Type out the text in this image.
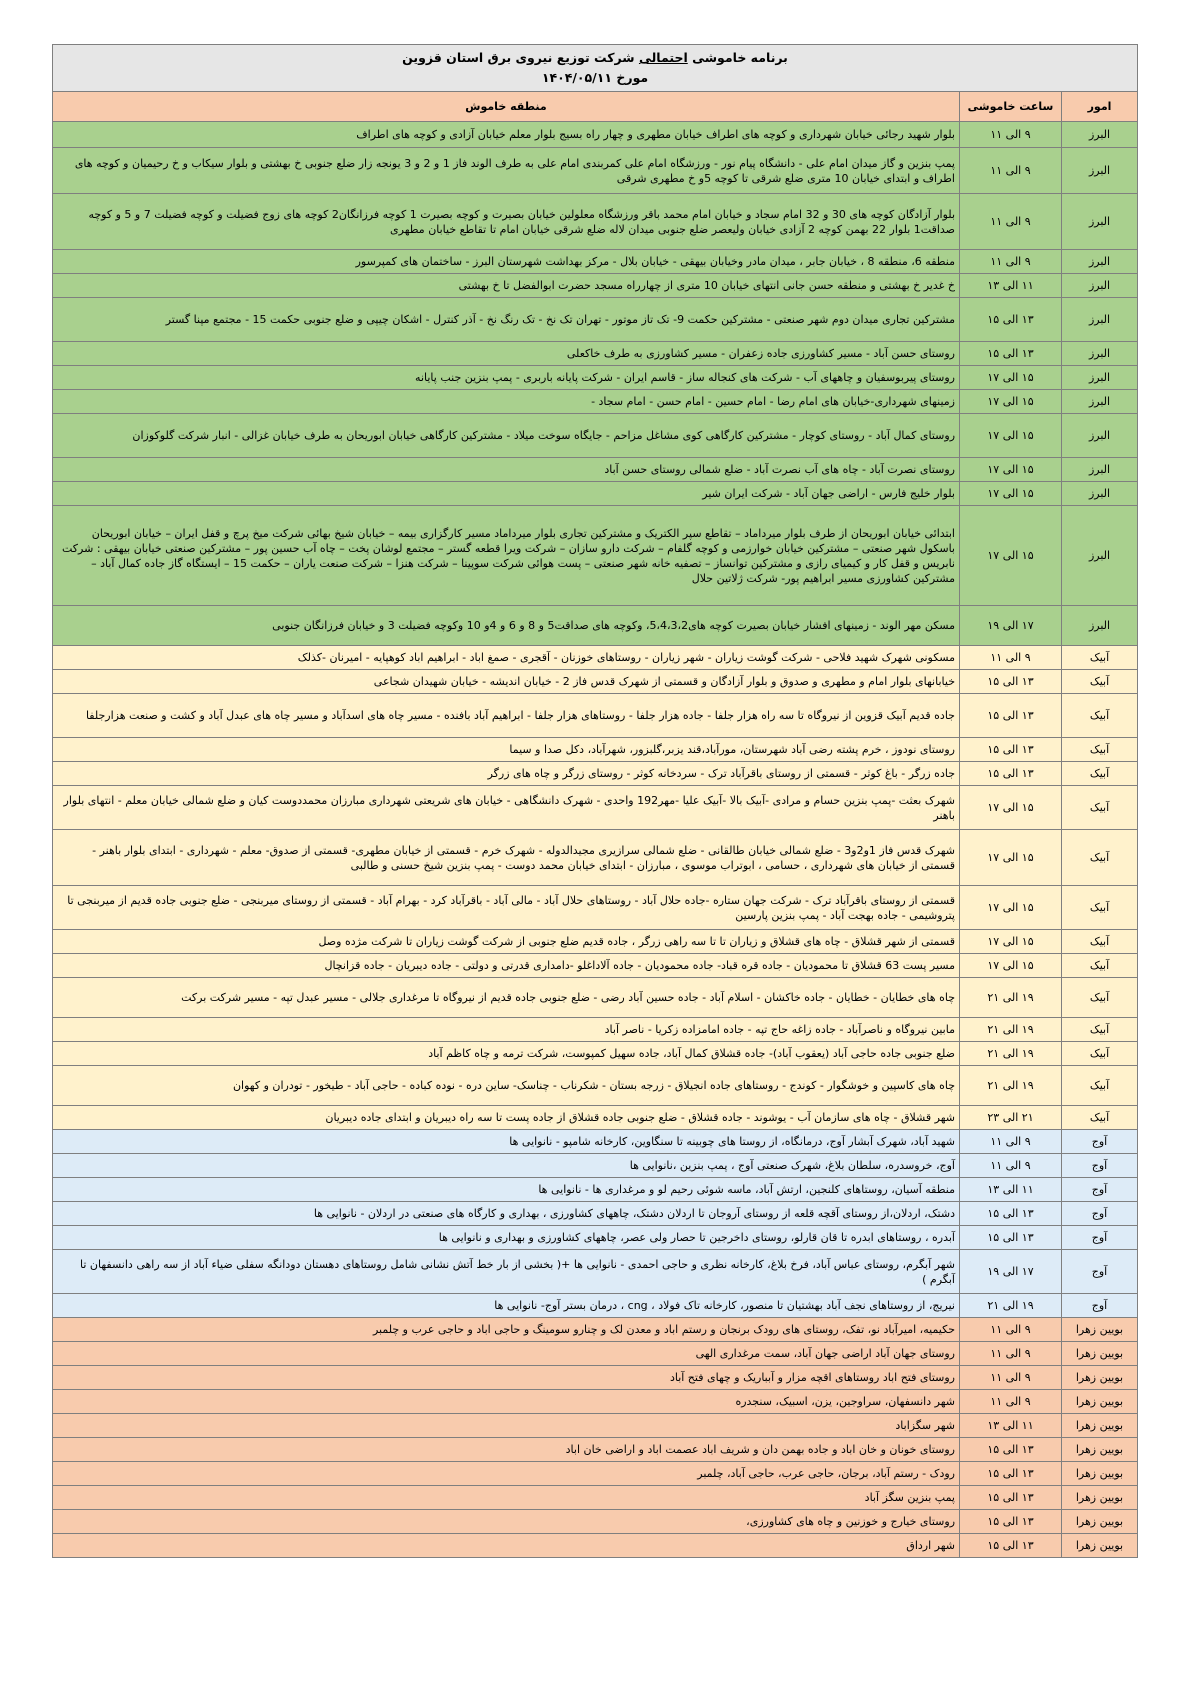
برنامه خاموشی احتمالی شرکت توزیع نیروی برق استان قزوین
مورخ ۱۴۰۴/۰۵/۱۱		

امور	ساعت خاموشی	منطقه خاموش
البرز	۹ الی ۱۱	بلوار شهید رجائی خیابان شهرداری و کوچه های اطراف خیابان مطهری و چهار راه بسیج بلوار معلم خیابان آزادی و کوچه های اطراف
البرز	۹ الی ۱۱	پمپ بنزین و گاز میدان امام علی - دانشگاه پیام نور - ورزشگاه امام علی کمربندی امام علی به طرف الوند فاز 1 و 2 و 3 یونجه زار ضلع جنوبی خ بهشتی و بلوار سیکاب و خ رحیمیان و کوچه های اطراف و ابتدای خیابان 10 متری ضلع شرقی تا کوچه 5و خ مطهری شرقی
البرز	۹ الی ۱۱	بلوار آزادگان کوچه های 30 و 32 امام سجاد و خیابان امام محمد باقر ورزشگاه معلولین خیابان بصیرت و کوچه بصیرت 1 کوچه فرزانگان2 کوچه های زوج فضیلت و کوچه فضیلت 7 و 5 و کوچه صداقت1 بلوار 22 بهمن کوچه 2 آزادی خیابان ولیعصر ضلع جنوبی میدان لاله ضلع شرقی خیابان امام تا تقاطع خیابان مطهری
البرز	۹ الی ۱۱	منطقه 6، منطقه 8 ، خیابان جابر ، میدان مادر وخیابان بیهقی - خیابان بلال - مرکز بهداشت شهرستان البرز - ساختمان های کمپرسور
البرز	۱۱ الی ۱۳	خ غدیر خ بهشتی و منطقه حسن جانی انتهای خیابان 10 متری از چهارراه مسجد حضرت ابوالفضل تا خ بهشتی
البرز	۱۳ الی ۱۵	مشترکین تجاری میدان دوم شهر صنعتی - مشترکین حکمت 9- تک تاز موتور - تهران تک نخ - تک رنگ نخ - آذر کنترل - اشکان چیپی و ضلع جنوبی حکمت 15 - مجتمع مپنا گستر
البرز	۱۳ الی ۱۵	روستای حسن آباد - مسیر کشاورزی جاده زعفران - مسیر کشاورزی به طرف خاکعلی
البرز	۱۵ الی ۱۷	روستای پیربوسفیان و چاههای آب - شرکت های کنجاله ساز - قاسم ایران - شرکت پایانه باربری - پمپ بنزین جنب پایانه
البرز	۱۵ الی ۱۷	زمینهای شهرداری-خیابان های امام رضا - امام حسین - امام حسن - امام سجاد -
البرز	۱۵ الی ۱۷	روستای کمال آباد - روستای کوچار - مشترکین کارگاهی کوی مشاغل مزاحم - جایگاه سوخت میلاد - مشترکین کارگاهی خیابان ابوریحان به طرف خیابان غزالی - انبار شرکت گلوکوزان
البرز	۱۵ الی ۱۷	روستای نصرت آباد - چاه های آب نصرت آباد - ضلع شمالی روستای حسن آباد
البرز	۱۵ الی ۱۷	بلوار خلیج فارس - اراضی جهان آباد - شرکت ایران شیر
البرز	۱۵ الی ۱۷	ابتدائی خیابان ابوریحان از طرف بلوار میرداماد – تقاطع سپر الکتریک و مشترکین تجاری بلوار میرداماد مسیر کارگزاری بیمه – خیابان شیخ بهائی شرکت میخ پرچ و قفل ایران – خیابان ابوریحان باسکول شهر صنعتی – مشترکین خیابان خوارزمی و کوچه گلفام – شرکت دارو سازان – شرکت ویرا قطعه گستر – مجتمع لوشان پخت – چاه آب حسین پور – مشترکین صنعتی خیابان بیهقی : شرکت نابریس و قفل کار و کیمیای رازی و مشترکین توانساز – تصفیه خانه شهر صنعتی – پست هوائی شرکت سوپینا – شرکت هنزا – شرکت صنعت یاران – حکمت 15 – ایستگاه گاز جاده کمال آباد – مشترکین کشاورزی مسیر ابراهیم پور- شرکت ژلاتین حلال
البرز	۱۷ الی ۱۹	مسکن مهر الوند - زمینهای افشار خیابان بصیرت کوچه های5،4،3،2، وکوچه های صداقت5 و 8 و 6 و 4و 10 وکوچه فضیلت 3 و خیابان فرزانگان جنوبی
آبیک	۹ الی ۱۱	مسکونی شهرک شهید فلاحی - شرکت گوشت زیاران - شهر زیاران - روستاهای خوزنان - آقجری - صمغ اباد - ابراهیم اباد کوهپایه - امیرنان -کذلک
آبیک	۱۳ الی ۱۵	خیابانهای بلوار امام و مطهری و صدوق و بلوار آزادگان و قسمتی از شهرک قدس فاز 2 - خیابان اندیشه - خیابان شهیدان شجاعی
آبیک	۱۳ الی ۱۵	جاده قدیم آبیک قزوین از نیروگاه تا سه راه هزار جلفا - جاده هزار جلفا - روستاهای هزار جلفا - ابراهیم آباد بافنده - مسیر چاه های اسدآباد و مسیر چاه های عبدل آباد و کشت و صنعت هزارجلفا
آبیک	۱۳ الی ۱۵	روستای نودوز ، خرم پشته رضی آباد شهرستان، مورآباد،قند یزبر،گلبزور، شهرآباد، دکل صدا و سیما
آبیک	۱۳ الی ۱۵	جاده زرگر - باغ کوثر - قسمتی از روستای باقرآباد ترک - سردخانه کوثر - روستای زرگر و چاه های زرگر
آبیک	۱۵ الی ۱۷	شهرک بعثت -پمپ بنزین حسام و مرادی -آبیک بالا -آبیک علیا -مهر192 واحدی - شهرک دانشگاهی - خیابان های شریعتی شهرداری مبارزان محمددوست کیان و ضلع شمالی خیابان معلم - انتهای بلوار باهنر
آبیک	۱۵ الی ۱۷	شهرک قدس فاز 1و2و3 - ضلع شمالی خیابان طالقانی - ضلع شمالی سرازیری مجیدالدوله - شهرک خرم - قسمتی از خیابان مطهری- قسمتی از صدوق- معلم - شهرداری - ابتدای بلوار باهنر - قسمتی از خیابان های شهرداری ، حسامی ، ابوتراب موسوی ، مبارزان - ابتدای خیابان محمد دوست - پمپ بنزین شیخ حسنی و طالبی
آبیک	۱۵ الی ۱۷	قسمتی از روستای باقرآباد ترک - شرکت جهان ستاره -جاده حلال آباد - روستاهای حلال آباد - مالی آباد - باقرآباد کرد - بهرام آباد - قسمتی از روستای میربنجی - ضلع جنوبی جاده قدیم از میربنجی تا پتروشیمی - جاده بهجت آباد - پمپ بنزین پارسین
آبیک	۱۵ الی ۱۷	قسمتی از شهر قشلاق - چاه های قشلاق و زیاران تا تا سه راهی زرگر ، جاده قدیم ضلع جنوبی از شرکت گوشت زیاران تا شرکت مژده وصل
آبیک	۱۵ الی ۱۷	مسیر پست 63 قشلاق تا محمودیان - جاده قره قباد- جاده محمودیان - جاده آلاداغلو -دامداری قدرتی و دولتی - جاده دیبریان - جاده قزانچال
آبیک	۱۹ الی ۲۱	چاه های خطایان - خطایان - جاده خاکشان - اسلام آباد - جاده حسین آباد رضی - ضلع جنوبی جاده قدیم از نیروگاه تا مرغداری جلالی - مسیر عبدل تپه - مسیر شرکت برکت
آبیک	۱۹ الی ۲۱	مابین نیروگاه و ناصرآباد - جاده زاغه حاج تپه - جاده امامزاده زکریا - ناصر آباد
آبیک	۱۹ الی ۲۱	ضلع جنوبی جاده حاجی آباد (یعقوب آباد)- جاده قشلاق کمال آباد، جاده سهیل کمپوست، شرکت ترمه و چاه کاظم آباد
آبیک	۱۹ الی ۲۱	چاه های کاسپین و خوشگوار - کوندج - روستاهای جاده انجیلاق - زرجه بستان - شکرناب - چناسک- ساین دره - نوده کباده - حاجی آباد - طیخور - تودران و کهوان
آبیک	۲۱ الی ۲۳	شهر قشلاق - چاه های سازمان آب - یوشوند - جاده قشلاق - ضلع جنوبی جاده قشلاق از جاده پست تا سه راه دیبریان و ابتدای جاده دیبریان
آوج	۹ الی ۱۱	شهید آباد، شهرک آبشار آوج، درمانگاه، از روستا های چوبینه تا سنگاوین، کارخانه شامپو - نانوایی ها
آوج	۹ الی ۱۱	آوج، خروسدره، سلطان بلاغ، شهرک صنعتی آوج ، پمپ بنزین ،نانوایی ها
آوج	۱۱ الی ۱۳	منطقه آسیان، روستاهای کلنجین، ارتش آباد، ماسه شوئی رحیم لو و مرغداری ها - نانوایی ها
آوج	۱۳ الی ۱۵	دشتک، اردلان،از روستای آقچه قلعه از روستای آروجان تا اردلان دشتک، چاههای کشاورزی ، بهداری و کارگاه های صنعتی در اردلان - نانوایی ها
آوج	۱۳ الی ۱۵	آبدره ، روستاهای ابدره تا قان قارلو، روستای داخرجین تا حصار ولی عصر، چاههای کشاورزی و بهداری و نانوایی ها
آوج	۱۷ الی ۱۹	شهر آبگرم، روستای عباس آباد، فرخ بلاغ، کارخانه نظری و حاجی احمدی - نانوایی ها +( بخشی از بار خط آتش نشانی شامل روستاهای دهستان دودانگه سفلی ضیاء آباد از سه راهی دانسفهان تا آبگرم )
آوج	۱۹ الی ۲۱	نیریج، از روستاهای نجف آباد بهشتیان تا منصور، کارخانه تاک فولاد ، cng ، درمان بستر آوج- نانوایی ها
بویین زهرا	۹ الی ۱۱	حکیمیه، امیرآباد نو، تفک، روستای های رودک برنجان و رستم اباد و معدن لک و چنارو سومینگ و حاجی اباد و حاجی عرب و چلمبر
بویین زهرا	۹ الی ۱۱	روستای جهان آباد اراضی جهان آباد، سمت مرغداری الهی
بویین زهرا	۹ الی ۱۱	روستای فتح اباد روستاهای اقچه مزار و آبباریک و چهای فتح آباد
بویین زهرا	۹ الی ۱۱	شهر دانسفهان، سراوجین، یزن، اسبیک، سنجدره
بویین زهرا	۱۱ الی ۱۳	شهر سگزاباد
بویین زهرا	۱۳ الی ۱۵	روستای خونان و خان اباد و جاده بهمن دان و شریف اباد عصمت اباد و اراضی خان اباد
بویین زهرا	۱۳ الی ۱۵	رودک - رستم آباد، برجان، حاجی عرب، حاجی آباد، چلمبر
بویین زهرا	۱۳ الی ۱۵	پمپ بنزین سگز آباد
بویین زهرا	۱۳ الی ۱۵	روستای خیارج و خوزنین و چاه های کشاورزی،
بویین زهرا	۱۳ الی ۱۵	شهر ارداق
